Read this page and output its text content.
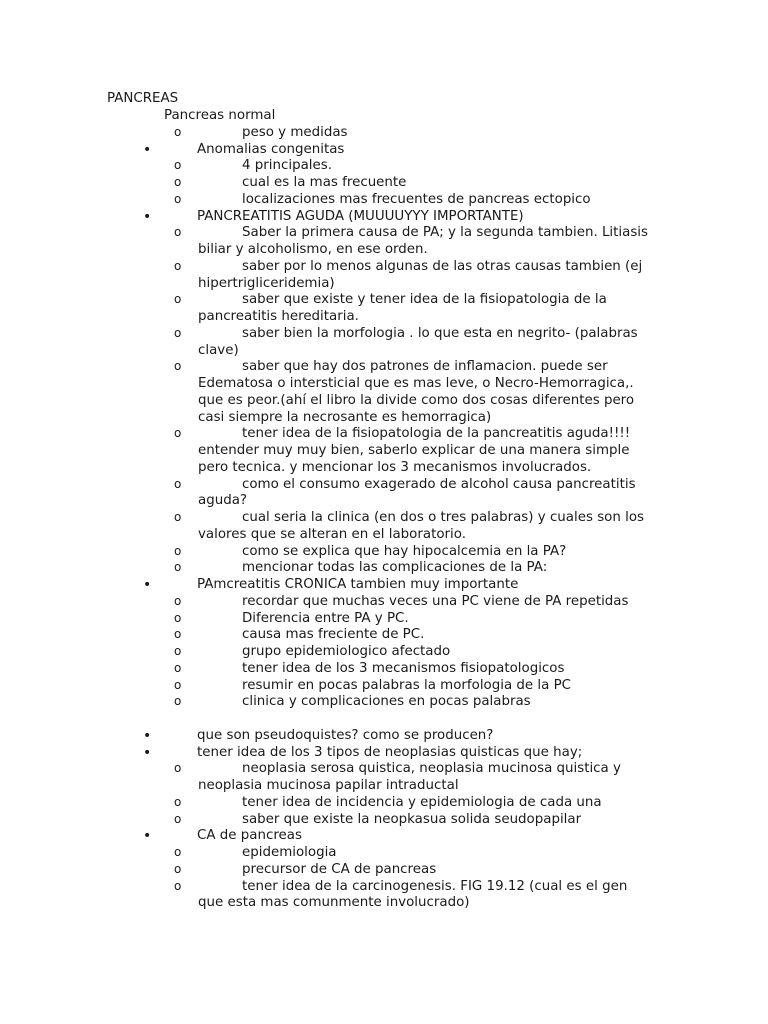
PANCREAS
Pancreas normal
o	peso y medidas
•	Anomalias congenitas
o	4 principales.
o	cual es la mas frecuente
o	localizaciones mas frecuentes de pancreas ectopico
•	PANCREATITIS AGUDA (MUUUUYYY IMPORTANTE)
o	Saber la primera causa de PA; y la segunda tambien. Litiasis
biliar y alcoholismo, en ese orden.
o	saber por lo menos algunas de las otras causas tambien (ej
hipertrigliceridemia)
o	saber que existe y tener idea de la fisiopatologia de la
pancreatitis hereditaria.
o	saber bien la morfologia . lo que esta en negrito- (palabras
clave)
o	saber que hay dos patrones de inflamacion. puede ser
Edematosa o intersticial que es mas leve, o Necro-Hemorragica,.
que es peor.(ahí el libro la divide como dos cosas diferentes pero
casi siempre la necrosante es hemorragica)
o	tener idea de la fisiopatologia de la pancreatitis aguda!!!!
entender muy muy bien, saberlo explicar de una manera simple
pero tecnica. y mencionar los 3 mecanismos involucrados.
o	como el consumo exagerado de alcohol causa pancreatitis
aguda?
o	cual seria la clinica (en dos o tres palabras) y cuales son los
valores que se alteran en el laboratorio.
o	como se explica que hay hipocalcemia en la PA?
o	mencionar todas las complicaciones de la PA:
•	PAmcreatitis CRONICA tambien muy importante
o	recordar que muchas veces una PC viene de PA repetidas
o	Diferencia entre PA y PC.
o	causa mas freciente de PC.
o	grupo epidemiologico afectado
o	tener idea de los 3 mecanismos fisiopatologicos
o	resumir en pocas palabras la morfologia de la PC
o	clinica y complicaciones en pocas palabras
•	que son pseudoquistes? como se producen?
•	tener idea de los 3 tipos de neoplasias quisticas que hay;
o	neoplasia serosa quistica, neoplasia mucinosa quistica y
neoplasia mucinosa papilar intraductal
o	tener idea de incidencia y epidemiologia de cada una
o	saber que existe la neopkasua solida seudopapilar
•	CA de pancreas
o	epidemiologia
o	precursor de CA de pancreas
o	tener idea de la carcinogenesis. FIG 19.12 (cual es el gen
que esta mas comunmente involucrado)
